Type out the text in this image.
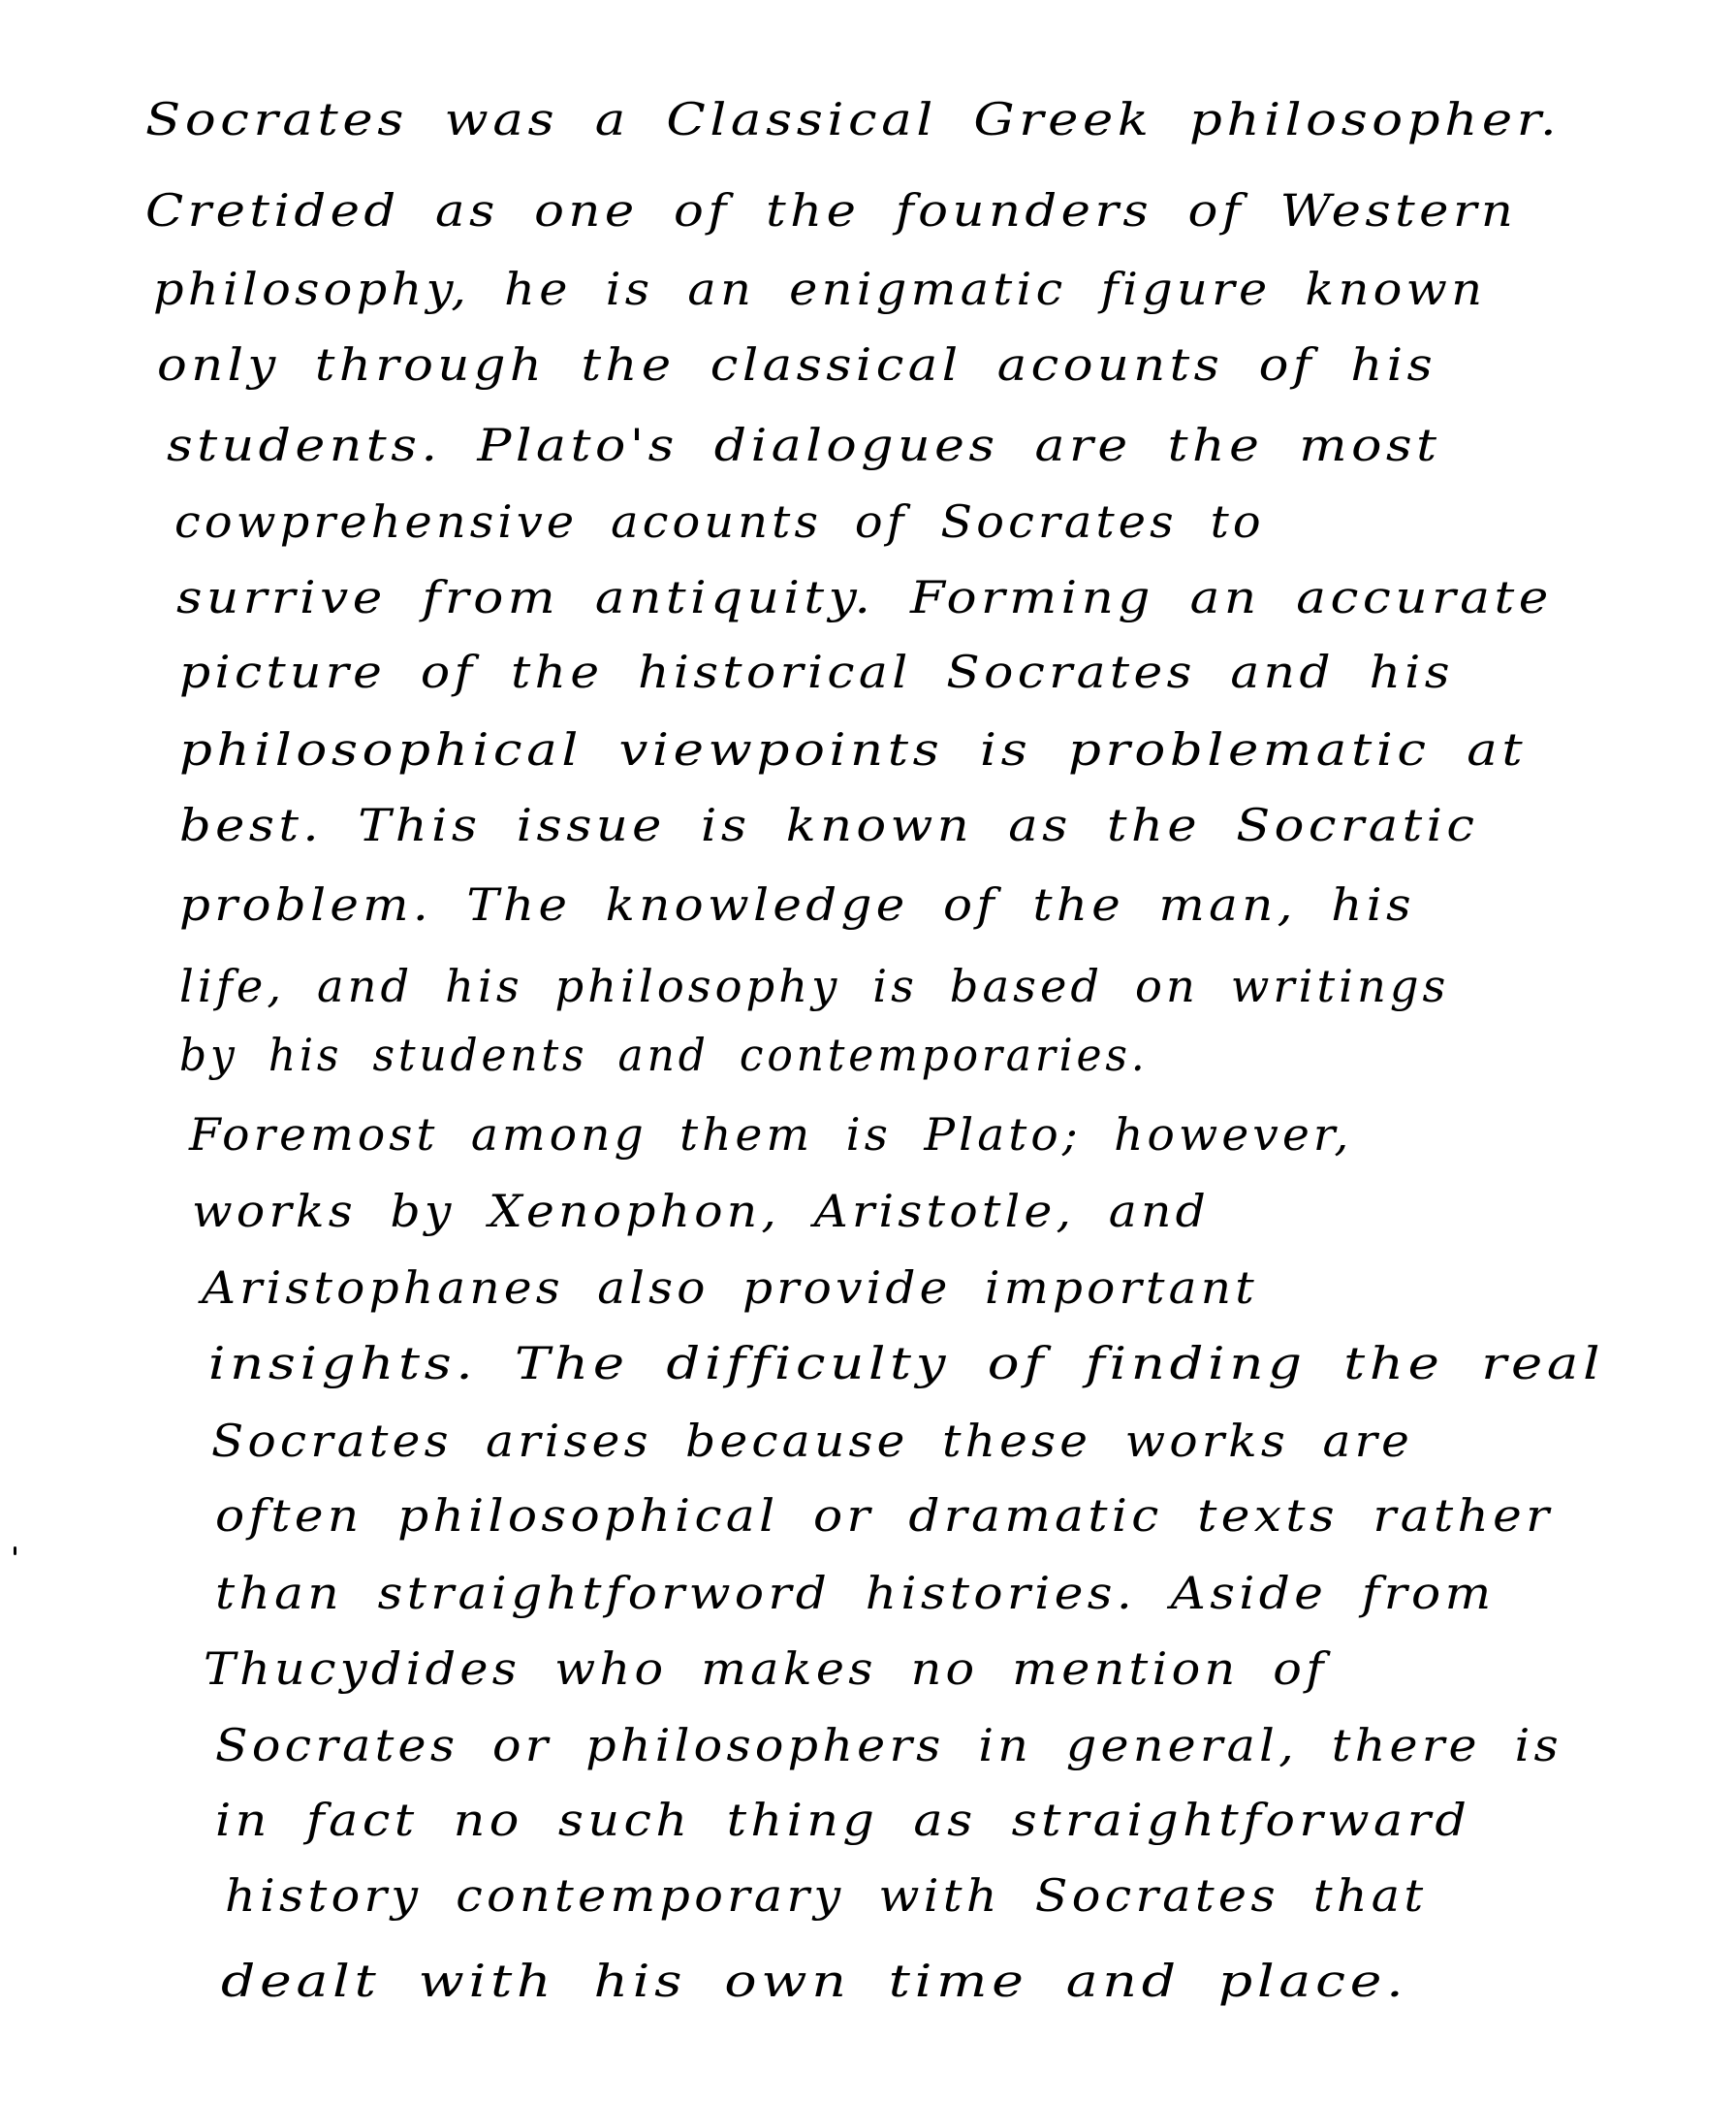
Socrates was a Classical Greek philosopher.
Cretided as one of the founders of Western
philosophy, he is an enigmatic figure known
only through the classical acounts of his
students. Plato's dialogues are the most
cowprehensive acounts of Socrates to
surrive from antiquity. Forming an accurate
picture of the historical Socrates and his
philosophical viewpoints is problematic at
best. This issue is known as the Socratic
problem. The knowledge of the man, his
life, and his philosophy is based on writings
by his students and contemporaries.
Foremost among them is Plato; however,
works by Xenophon, Aristotle, and
Aristophanes also provide important
insights. The difficulty of finding the real
Socrates arises because these works are
often philosophical or dramatic texts rather
than straightforword histories. Aside from
Thucydides who makes no mention of
Socrates or philosophers in general, there is
in fact no such thing as straightforward
history contemporary with Socrates that
dealt with his own time and place.
